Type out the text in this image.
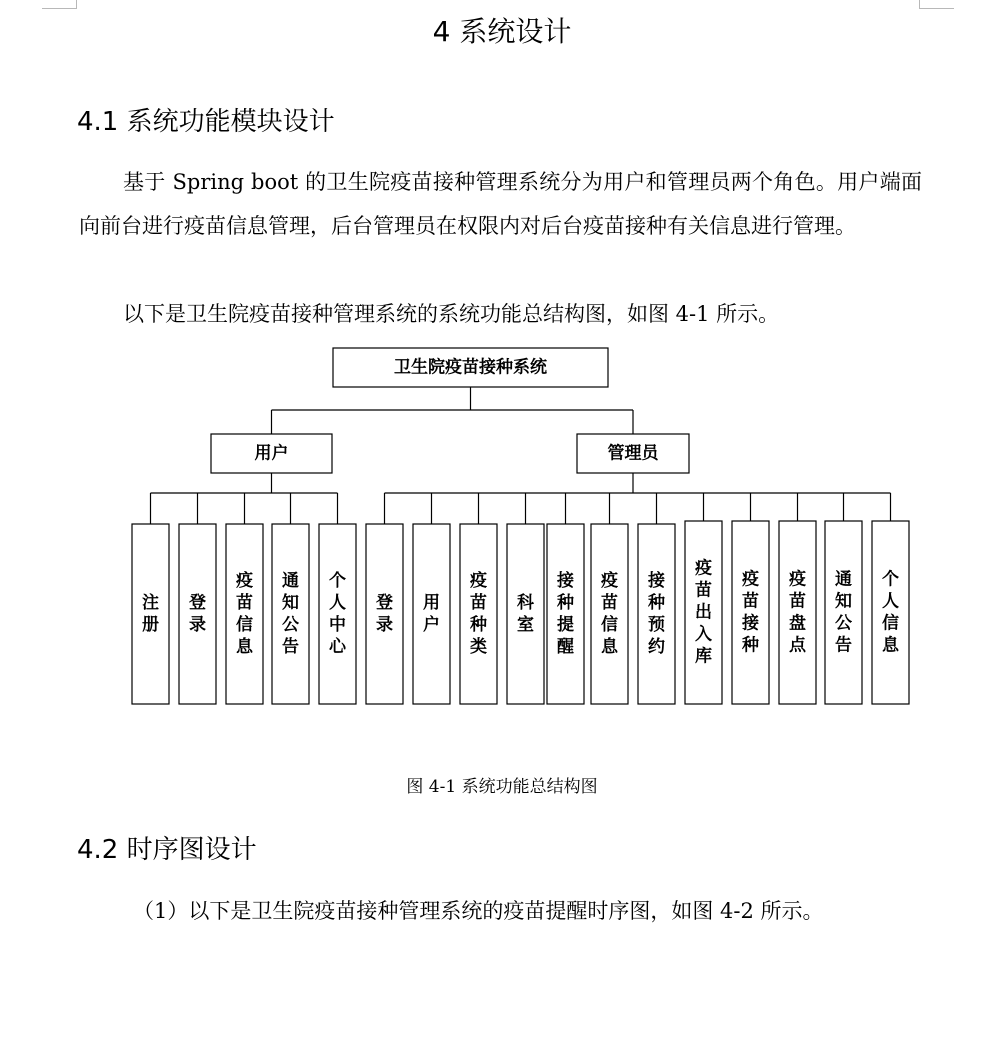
4 系统设计
4.1 系统功能模块设计

基于 Spring boot 的卫生院疫苗接种管理系统分为用户和管理员两个角色。用户端面向前台进行疫苗信息管理，后台管理员在权限内对后台疫苗接种有关信息进行管理。

以下是卫生院疫苗接种管理系统的系统功能总结构图，如图 4-1 所示。

卫生院疫苗接种系统
用户	管理员
注册
登录
疫苗信息
通知公告
个人中心
登录
用户
疫苗种类
科室
接种提醒
疫苗信息
接种预约
疫苗出入库
疫苗接种
疫苗盘点
通知公告
个人信息
图 4-1 系统功能总结构图
4.2 时序图设计

（1）以下是卫生院疫苗接种管理系统的疫苗提醒时序图，如图 4-2 所示。
